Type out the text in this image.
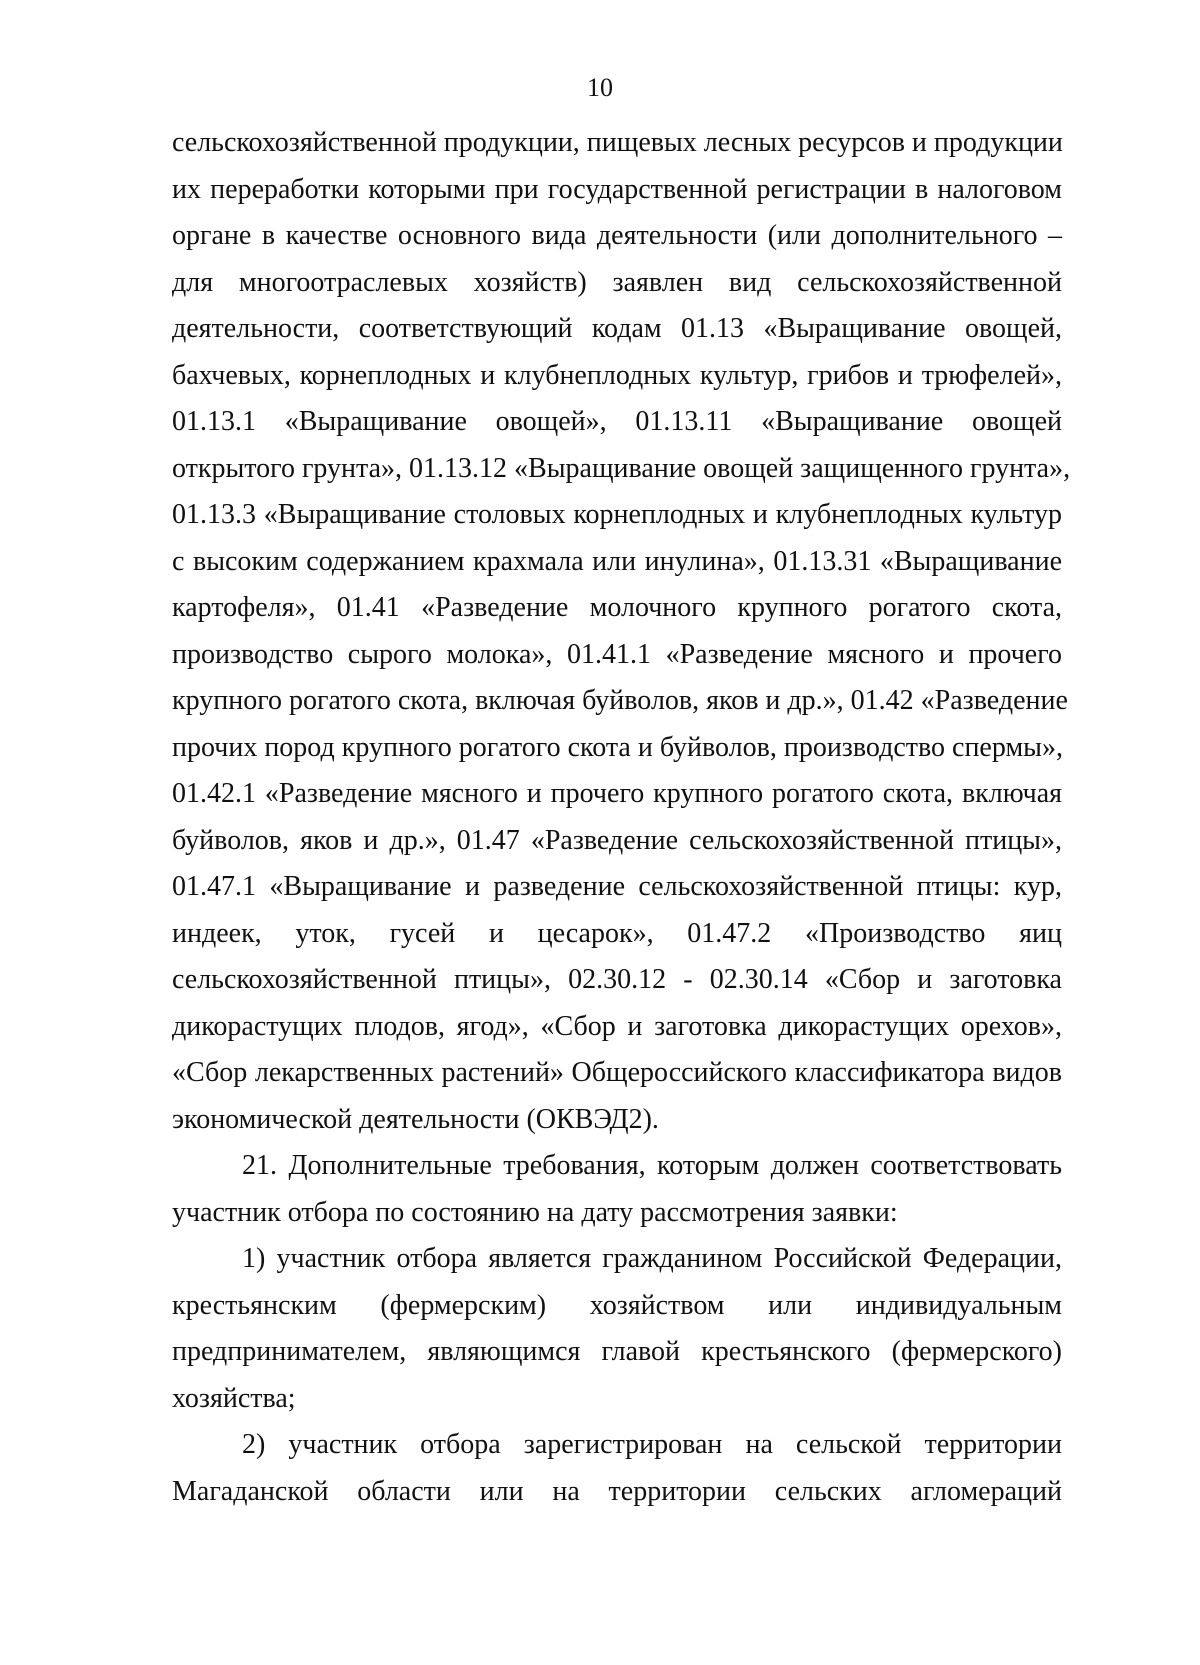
10
сельскохозяйственной продукции, пищевых лесных ресурсов и продукции
их переработки которыми при государственной регистрации в налоговом
органе в качестве основного вида деятельности (или дополнительного –
для многоотраслевых хозяйств) заявлен вид сельскохозяйственной
деятельности, соответствующий кодам 01.13 «Выращивание овощей,
бахчевых, корнеплодных и клубнеплодных культур, грибов и трюфелей»,
01.13.1 «Выращивание овощей», 01.13.11 «Выращивание овощей
открытого грунта», 01.13.12 «Выращивание овощей защищенного грунта»,
01.13.3 «Выращивание столовых корнеплодных и клубнеплодных культур
с высоким содержанием крахмала или инулина», 01.13.31 «Выращивание
картофеля», 01.41 «Разведение молочного крупного рогатого скота,
производство сырого молока», 01.41.1 «Разведение мясного и прочего
крупного рогатого скота, включая буйволов, яков и др.», 01.42 «Разведение
прочих пород крупного рогатого скота и буйволов, производство спермы»,
01.42.1 «Разведение мясного и прочего крупного рогатого скота, включая
буйволов, яков и др.», 01.47 «Разведение сельскохозяйственной птицы»,
01.47.1 «Выращивание и разведение сельскохозяйственной птицы: кур,
индеек, уток, гусей и цесарок», 01.47.2 «Производство яиц
сельскохозяйственной птицы», 02.30.12 - 02.30.14 «Сбор и заготовка
дикорастущих плодов, ягод», «Сбор и заготовка дикорастущих орехов»,
«Сбор лекарственных растений» Общероссийского классификатора видов
экономической деятельности (ОКВЭД2).
21. Дополнительные требования, которым должен соответствовать
участник отбора по состоянию на дату рассмотрения заявки:
1) участник отбора является гражданином Российской Федерации,
крестьянским (фермерским) хозяйством или индивидуальным
предпринимателем, являющимся главой крестьянского (фермерского)
хозяйства;
2) участник отбора зарегистрирован на сельской территории
Магаданской области или на территории сельских агломераций
